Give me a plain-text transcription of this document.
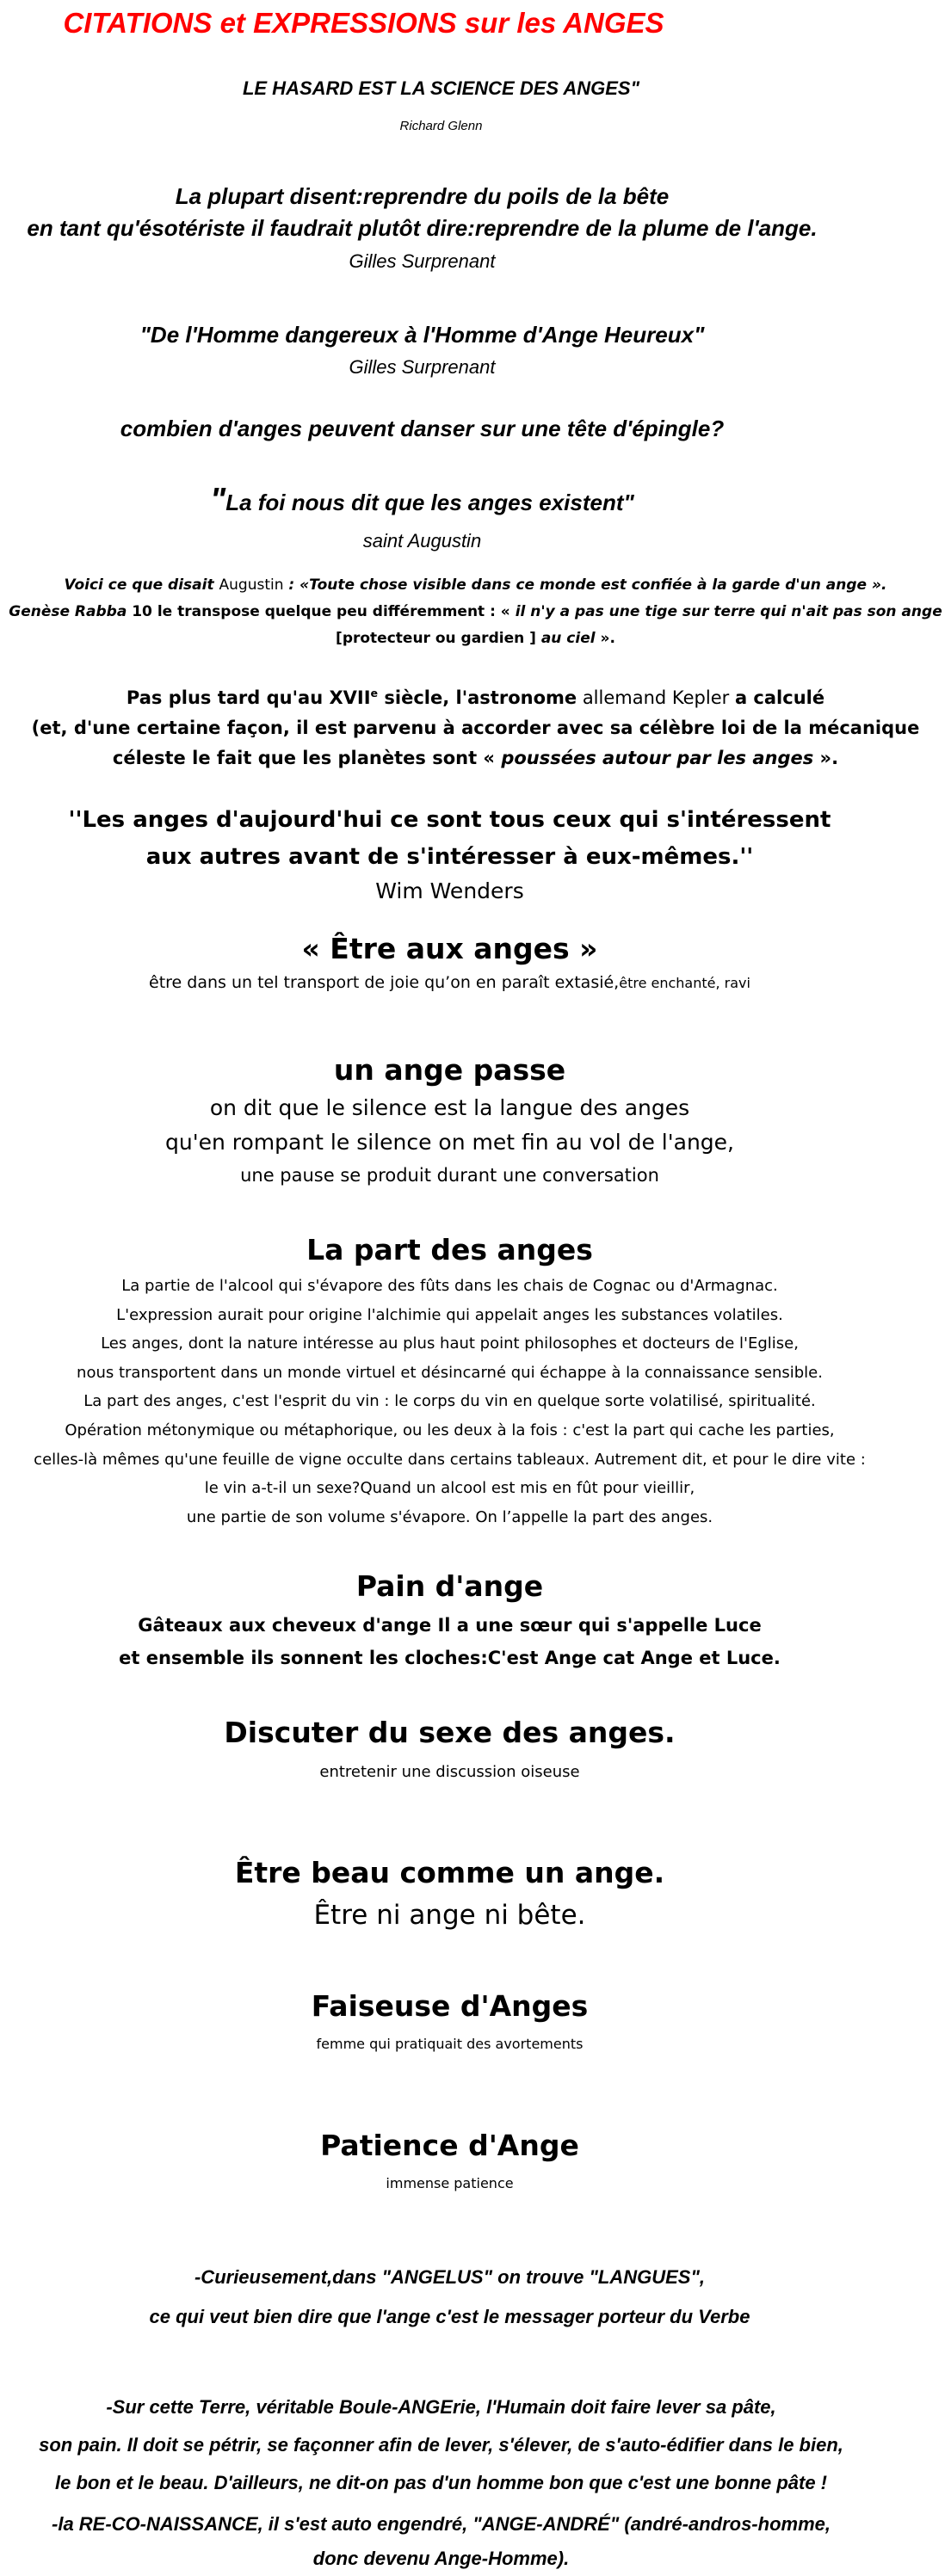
CITATIONS et EXPRESSIONS sur les ANGES
LE HASARD EST LA SCIENCE DES ANGES"
Richard Glenn
La plupart disent:reprendre du poils de la bête
en tant qu'ésotériste il faudrait plutôt dire:reprendre de la plume de l'ange.
Gilles Surprenant
"De l'Homme dangereux à l'Homme d'Ange Heureux"
Gilles Surprenant
combien d'anges peuvent danser sur une tête d'épingle?
"La foi nous dit que les anges existent"
saint Augustin
Voici ce que disait Augustin : «Toute chose visible dans ce monde est confiée à la garde d'un ange ».
Genèse Rabba 10 le transpose quelque peu différemment : « il n'y a pas une tige sur terre qui n'ait pas son ange
[protecteur ou gardien ] au ciel ».
Pas plus tard qu'au XVIIe siècle, l'astronome allemand Kepler a calculé
(et, d'une certaine façon, il est parvenu à accorder avec sa célèbre loi de la mécanique
céleste le fait que les planètes sont « poussées autour par les anges ».
''Les anges d'aujourd'hui ce sont tous ceux qui s'intéressent
aux autres avant de s'intéresser à eux-mêmes.''
Wim Wenders
« Être aux anges »
être dans un tel transport de joie qu’on en paraît extasié,être enchanté, ravi
un ange passe
on dit que le silence est la langue des anges
qu'en rompant le silence on met fin au vol de l'ange,
une pause se produit durant une conversation
La part des anges
La partie de l'alcool qui s'évapore des fûts dans les chais de Cognac ou d'Armagnac.
L'expression aurait pour origine l'alchimie qui appelait anges les substances volatiles.
Les anges, dont la nature intéresse au plus haut point philosophes et docteurs de l'Eglise,
nous transportent dans un monde virtuel et désincarné qui échappe à la connaissance sensible.
La part des anges, c'est l'esprit du vin : le corps du vin en quelque sorte volatilisé, spiritualité.
Opération métonymique ou métaphorique, ou les deux à la fois : c'est la part qui cache les parties,
celles-là mêmes qu'une feuille de vigne occulte dans certains tableaux. Autrement dit, et pour le dire vite :
le vin a-t-il un sexe?Quand un alcool est mis en fût pour vieillir,
une partie de son volume s'évapore. On l’appelle la part des anges.
Pain d'ange
Gâteaux aux cheveux d'ange Il a une sœur qui s'appelle Luce
et ensemble ils sonnent les cloches:C'est Ange cat Ange et Luce.
Discuter du sexe des anges.
entretenir une discussion oiseuse
Être beau comme un ange.
Être ni ange ni bête.
Faiseuse d'Anges
femme qui pratiquait des avortements
Patience d'Ange
immense patience
-Curieusement,dans "ANGELUS" on trouve "LANGUES",
ce qui veut bien dire que l'ange c'est le messager porteur du Verbe
-Sur cette Terre, véritable Boule-ANGErie, l'Humain doit faire lever sa pâte,
son pain. Il doit se pétrir, se façonner afin de lever, s'élever, de s'auto-édifier dans le bien,
le bon et le beau. D'ailleurs, ne dit-on pas d'un homme bon que c'est une bonne pâte !
-la RE-CO-NAISSANCE, il s'est auto engendré, "ANGE-ANDRÉ" (andré-andros-homme,
donc devenu Ange-Homme).
